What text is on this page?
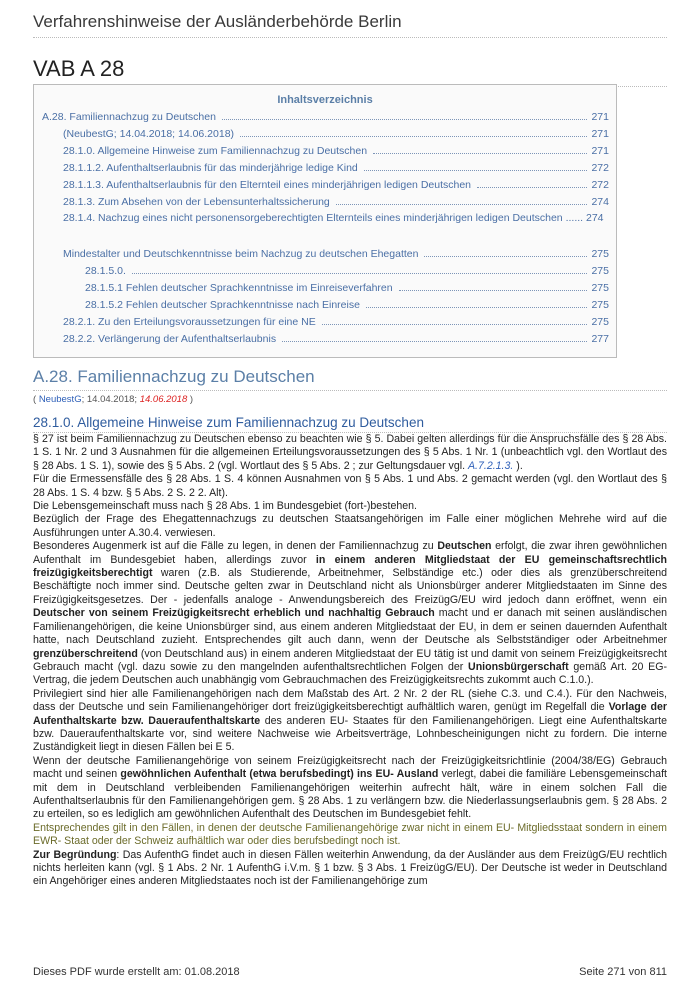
Verfahrenshinweise der Ausländerbehörde Berlin
VAB A 28
Inhaltsverzeichnis
A.28. Familiennachzug zu Deutschen	271
(NeubestG; 14.04.2018; 14.06.2018)	271
28.1.0. Allgemeine Hinweise zum Familiennachzug zu Deutschen	271
28.1.1.2. Aufenthaltserlaubnis für das minderjährige ledige Kind	272
28.1.1.3. Aufenthaltserlaubnis für den Elternteil eines minderjährigen ledigen Deutschen	272
28.1.3. Zum Absehen von der Lebensunterhaltssicherung	274
28.1.4. Nachzug eines nicht personensorgeberechtigten Elternteils eines minderjährigen ledigen Deutschen ...... 274
Mindestalter und Deutschkenntnisse beim Nachzug zu deutschen Ehegatten	275
28.1.5.0.	275
28.1.5.1 Fehlen deutscher Sprachkenntnisse im Einreiseverfahren	275
28.1.5.2 Fehlen deutscher Sprachkenntnisse nach Einreise	275
28.2.1. Zu den Erteilungsvoraussetzungen für eine NE	275
28.2.2. Verlängerung der Aufenthaltserlaubnis	277
A.28. Familiennachzug zu Deutschen
( NeubestG; 14.04.2018; 14.06.2018 )
28.1.0. Allgemeine Hinweise zum Familiennachzug zu Deutschen

§ 27 ist beim Familiennachzug zu Deutschen ebenso zu beachten wie § 5. Dabei gelten allerdings für die Anspruchsfälle des § 28 Abs. 1 S. 1 Nr. 2 und 3 Ausnahmen für die allgemeinen Erteilungsvoraussetzungen des § 5 Abs. 1 Nr. 1 (unbeachtlich vgl. den Wortlaut des § 28 Abs. 1 S. 1), sowie des § 5 Abs. 2 (vgl. Wortlaut des § 5 Abs. 2 ; zur Geltungsdauer vgl. A.7.2.1.3. ).

Für die Ermessensfälle des § 28 Abs. 1 S. 4 können Ausnahmen von § 5 Abs. 1 und Abs. 2 gemacht werden (vgl. den Wortlaut des § 28 Abs. 1 S. 4 bzw. § 5 Abs. 2 S. 2 2. Alt).

Die Lebensgemeinschaft muss nach § 28 Abs. 1 im Bundesgebiet (fort-)bestehen.

Bezüglich der Frage des Ehegattennachzugs zu deutschen Staatsangehörigen im Falle einer möglichen Mehrehe wird auf die Ausführungen unter A.30.4. verwiesen.

Besonderes Augenmerk ist auf die Fälle zu legen, in denen der Familiennachzug zu Deutschen erfolgt, die zwar ihren gewöhnlichen Aufenthalt im Bundesgebiet haben, allerdings zuvor in einem anderen Mitgliedstaat der EU gemeinschaftsrechtlich freizügigkeitsberechtigt waren (z.B. als Studierende, Arbeitnehmer, Selbständige etc.) oder dies als grenzüberschreitend Beschäftigte noch immer sind. Deutsche gelten zwar in Deutschland nicht als Unionsbürger anderer Mitgliedstaaten im Sinne des Freizügigkeitsgesetzes. Der - jedenfalls analoge - Anwendungsbereich des FreizügG/EU wird jedoch dann eröffnet, wenn ein Deutscher von seinem Freizügigkeitsrecht erheblich und nachhaltig Gebrauch macht und er danach mit seinen ausländischen Familienangehörigen, die keine Unionsbürger sind, aus einem anderen Mitgliedstaat der EU, in dem er seinen dauernden Aufenthalt hatte, nach Deutschland zuzieht. Entsprechendes gilt auch dann, wenn der Deutsche als Selbstständiger oder Arbeitnehmer grenzüberschreitend (von Deutschland aus) in einem anderen Mitgliedstaat der EU tätig ist und damit von seinem Freizügigkeitsrecht Gebrauch macht (vgl. dazu sowie zu den mangelnden aufenthaltsrechtlichen Folgen der Unionsbürgerschaft gemäß Art. 20 EG-Vertrag, die jedem Deutschen auch unabhängig vom Gebrauchmachen des Freizügigkeitsrechts zukommt auch C.1.0.).

Privilegiert sind hier alle Familienangehörigen nach dem Maßstab des Art. 2 Nr. 2 der RL (siehe C.3. und C.4.). Für den Nachweis, dass der Deutsche und sein Familienangehöriger dort freizügigkeitsberechtigt aufhältlich waren, genügt im Regelfall die Vorlage der Aufenthaltskarte bzw. Daueraufenthaltskarte des anderen EU- Staates für den Familienangehörigen. Liegt eine Aufenthaltskarte bzw. Daueraufenthaltskarte vor, sind weitere Nachweise wie Arbeitsverträge, Lohnbescheinigungen nicht zu fordern. Die interne Zuständigkeit liegt in diesen Fällen bei E 5.

Wenn der deutsche Familienangehörige von seinem Freizügigkeitsrecht nach der Freizügigkeitsrichtlinie (2004/38/EG) Gebrauch macht und seinen gewöhnlichen Aufenthalt (etwa berufsbedingt) ins EU- Ausland verlegt, dabei die familiäre Lebensgemeinschaft mit dem in Deutschland verbleibenden Familienangehörigen weiterhin aufrecht hält, wäre in einem solchen Fall die Aufenthaltserlaubnis für den Familienangehörigen gem. § 28 Abs. 1 zu verlängern bzw. die Niederlassungserlaubnis gem. § 28 Abs. 2 zu erteilen, so es lediglich am gewöhnlichen Aufenthalt des Deutschen im Bundesgebiet fehlt.

Entsprechendes gilt in den Fällen, in denen der deutsche Familienangehörige zwar nicht in einem EU- Mitgliedsstaat sondern in einem EWR- Staat oder der Schweiz aufhältlich war oder dies berufsbedingt noch ist.

Zur Begründung: Das AufenthG findet auch in diesen Fällen weiterhin Anwendung, da der Ausländer aus dem FreizügG/EU rechtlich nichts herleiten kann (vgl. § 1 Abs. 2 Nr. 1 AufenthG i.V.m. § 1 bzw. § 3 Abs. 1 FreizügG/EU). Der Deutsche ist weder in Deutschland ein Angehöriger eines anderen Mitgliedstaates noch ist der Familienangehörige zum

Dieses PDF wurde erstellt am: 01.08.2018	Seite 271 von 811
